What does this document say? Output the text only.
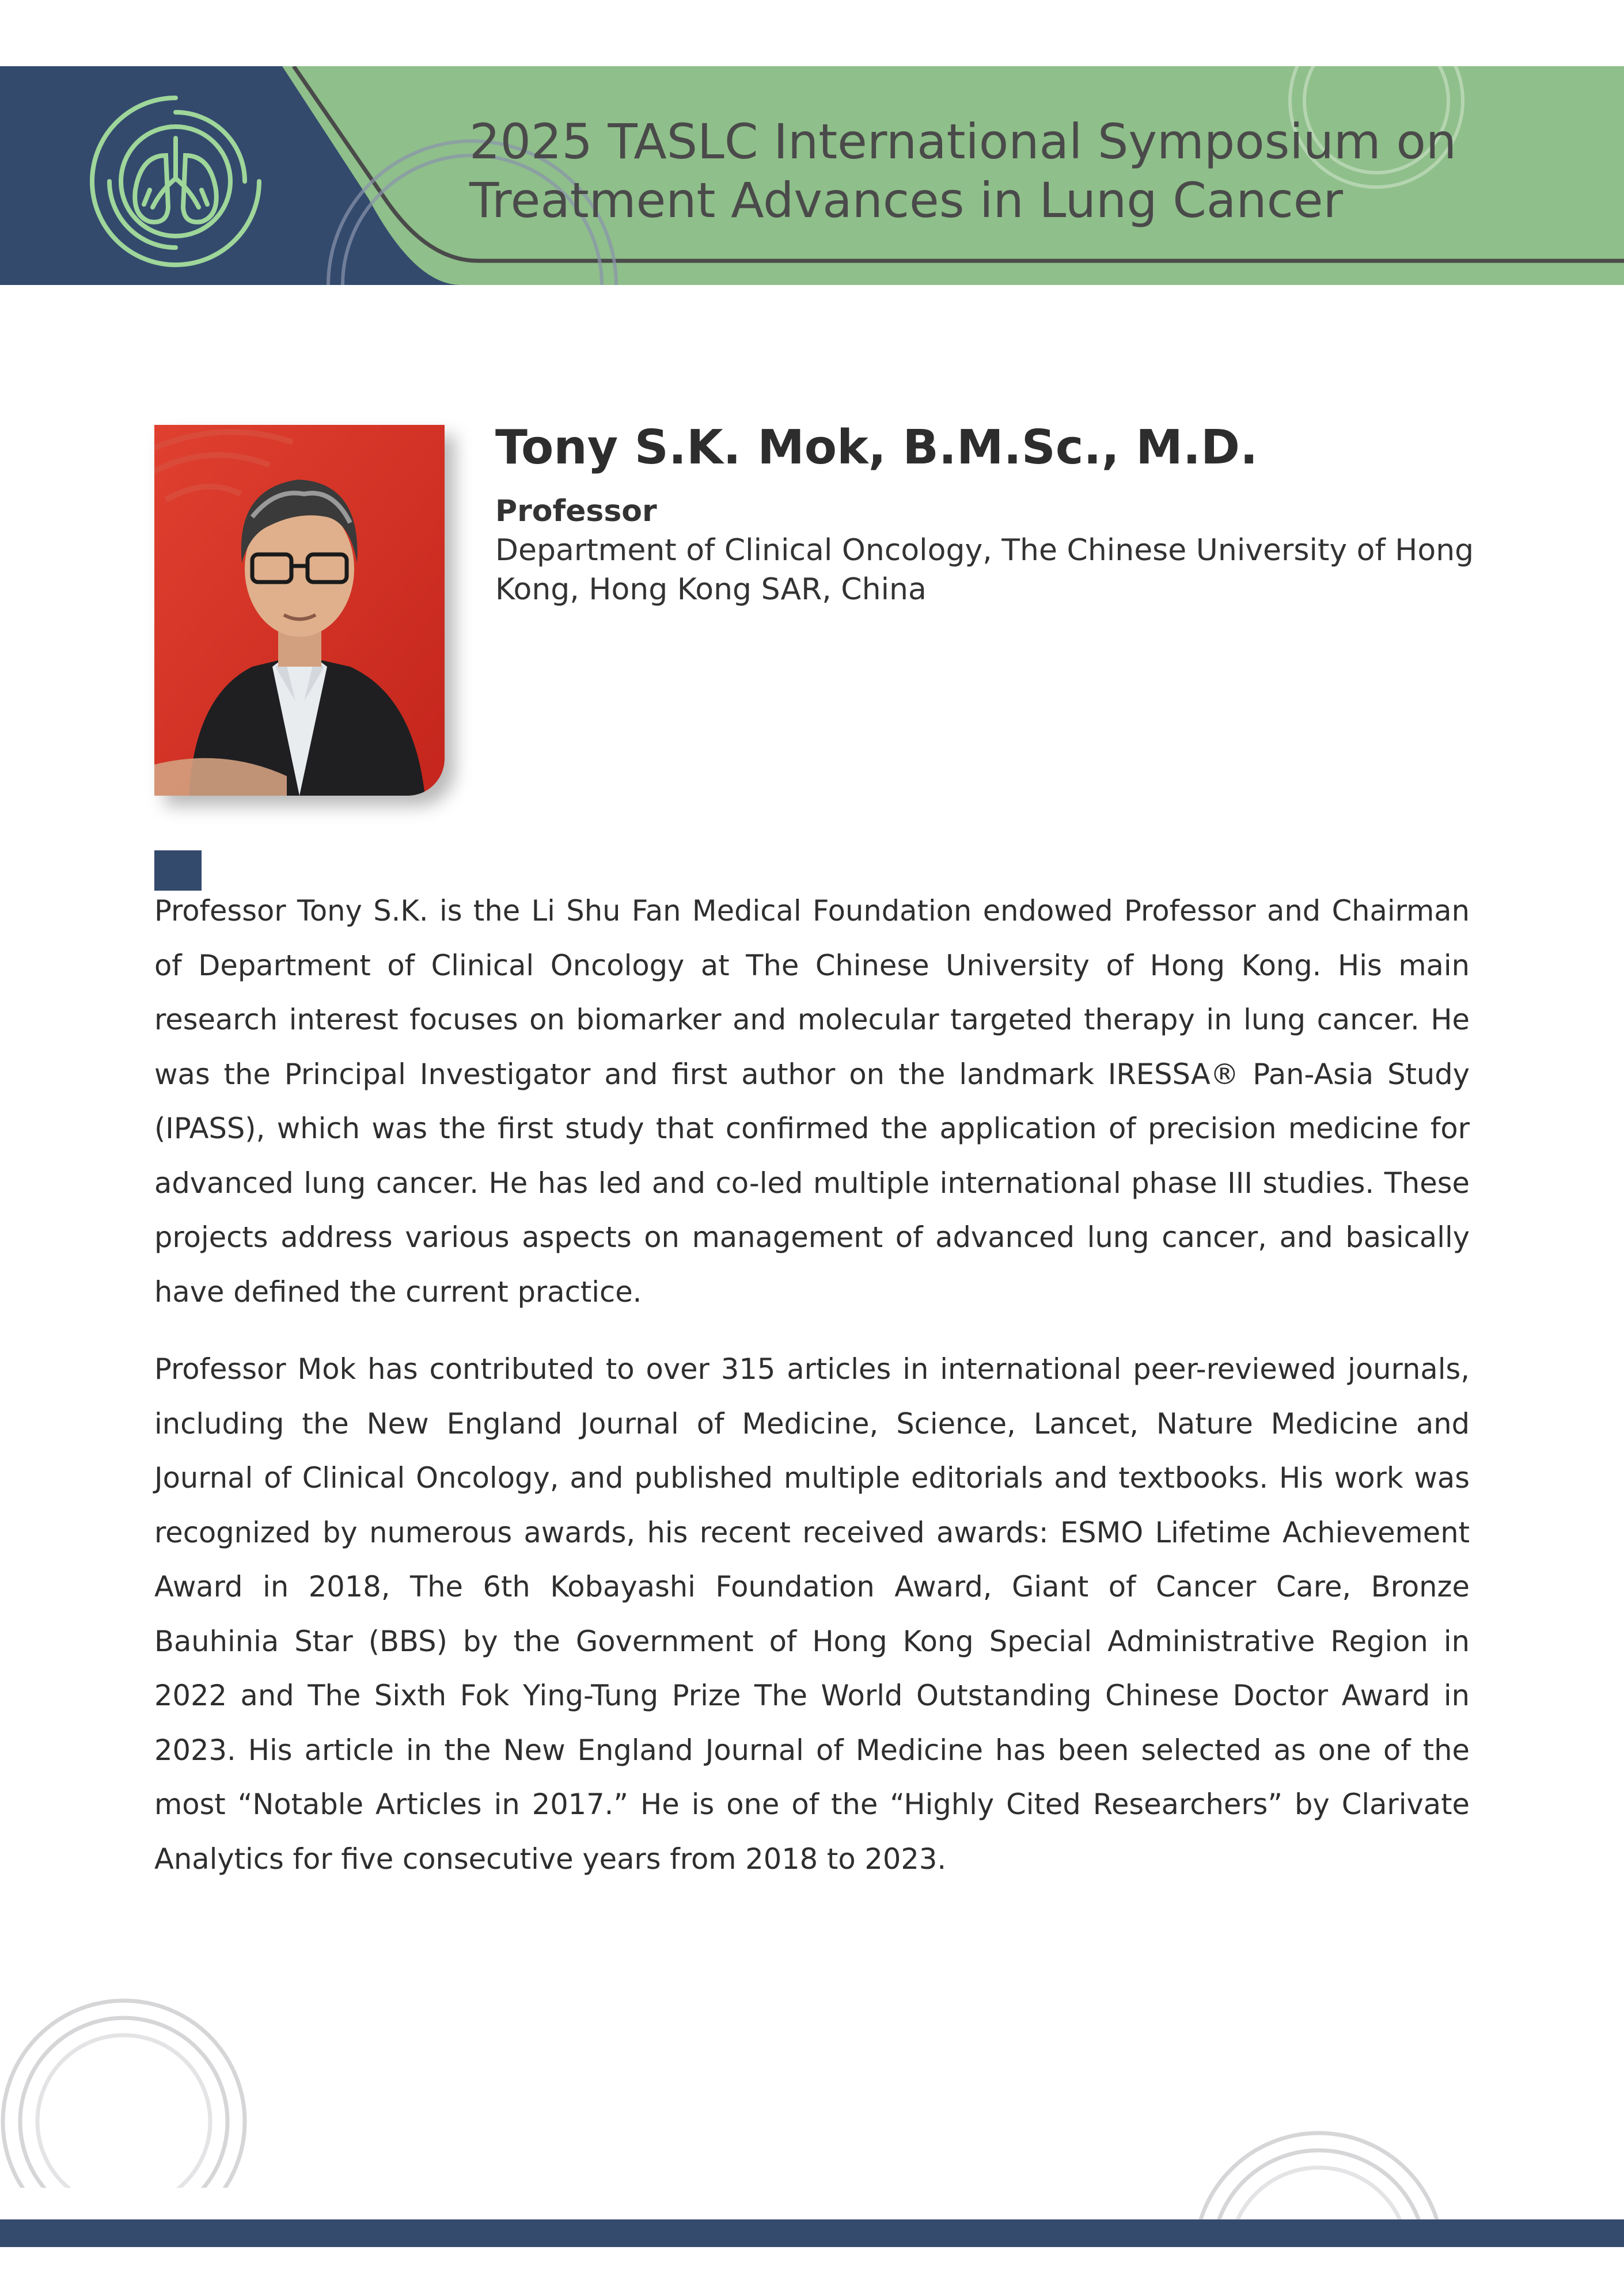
2025 TASLC International Symposium on
Treatment Advances in Lung Cancer
Tony S.K. Mok, B.M.Sc., M.D.
Professor
Department of Clinical Oncology, The Chinese University of Hong Kong, Hong Kong SAR, China

Professor Tony S.K. is the Li Shu Fan Medical Foundation endowed Professor and Chairman of Department of Clinical Oncology at The Chinese University of Hong Kong. His main research interest focuses on biomarker and molecular targeted therapy in lung cancer. He was the Principal Investigator and first author on the landmark IRESSA® Pan-Asia Study (IPASS), which was the first study that confirmed the application of precision medicine for advanced lung cancer. He has led and co-led multiple international phase III studies. These projects address various aspects on management of advanced lung cancer, and basically have defined the current practice.

Professor Mok has contributed to over 315 articles in international peer-reviewed journals, including the New England Journal of Medicine, Science, Lancet, Nature Medicine and Journal of Clinical Oncology, and published multiple editorials and textbooks. His work was recognized by numerous awards, his recent received awards: ESMO Lifetime Achievement Award in 2018, The 6th Kobayashi Foundation Award, Giant of Cancer Care, Bronze Bauhinia Star (BBS) by the Government of Hong Kong Special Administrative Region in 2022 and The Sixth Fok Ying-Tung Prize The World Outstanding Chinese Doctor Award in 2023. His article in the New England Journal of Medicine has been selected as one of the most “Notable Articles in 2017.” He is one of the “Highly Cited Researchers” by Clarivate Analytics for five consecutive years from 2018 to 2023.
